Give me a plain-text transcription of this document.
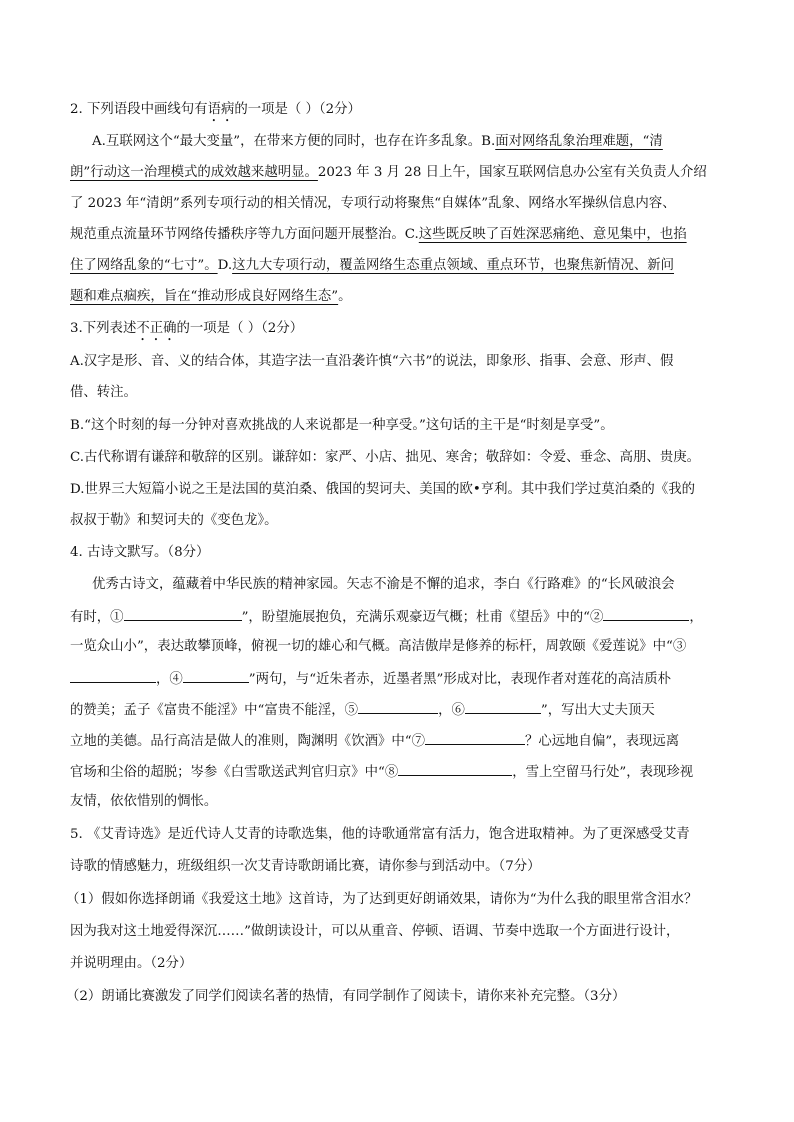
2. 下列语段中画线句有语病的一项是（ ）（2分）
A.互联网这个“最大变量”，在带来方便的同时，也存在许多乱象。B.面对网络乱象治理难题，“清
朗”行动这一治理模式的成效越来越明显。2023 年 3 月 28 日上午，国家互联网信息办公室有关负责人介绍
了 2023 年“清朗”系列专项行动的相关情况，专项行动将聚焦“自媒体”乱象、网络水军操纵信息内容、
规范重点流量环节网络传播秩序等九方面问题开展整治。C.这些既反映了百姓深恶痛绝、意见集中，也掐
住了网络乱象的“七寸”。D.这九大专项行动，覆盖网络生态重点领域、重点环节，也聚焦新情况、新问
题和难点痼疾，旨在“推动形成良好网络生态”。
3.下列表述不正确的一项是（ ）（2分）
A.汉字是形、音、义的结合体，其造字法一直沿袭许慎“六书”的说法，即象形、指事、会意、形声、假
借、转注。
B.“这个时刻的每一分钟对喜欢挑战的人来说都是一种享受。”这句话的主干是“时刻是享受”。
C.古代称谓有谦辞和敬辞的区别。谦辞如：家严、小店、拙见、寒舍；敬辞如：令爱、垂念、高朋、贵庚。
D.世界三大短篇小说之王是法国的莫泊桑、俄国的契诃夫、美国的欧•亨利。其中我们学过莫泊桑的《我的
叔叔于勒》和契诃夫的《变色龙》。
4. 古诗文默写。（8分）
优秀古诗文，蕴藏着中华民族的精神家园。矢志不渝是不懈的追求，李白《行路难》的“长风破浪会
有时，①	”，盼望施展抱负，充满乐观豪迈气概；杜甫《望岳》中的“②	，
一览众山小”，表达敢攀顶峰，俯视一切的雄心和气概。高洁傲岸是修养的标杆，周敦颐《爱莲说》中“③
，④	”两句，与“近朱者赤，近墨者黑”形成对比，表现作者对莲花的高洁质朴
的赞美；孟子《富贵不能淫》中“富贵不能淫，⑤	，⑥	”，写出大丈夫顶天
立地的美德。品行高洁是做人的准则，陶渊明《饮酒》中“⑦	？心远地自偏”，表现远离
官场和尘俗的超脱；岑参《白雪歌送武判官归京》中“⑧	，雪上空留马行处”，表现珍视
友情，依依惜别的惆怅。
5. 《艾青诗选》是近代诗人艾青的诗歌选集，他的诗歌通常富有活力，饱含进取精神。为了更深感受艾青
诗歌的情感魅力，班级组织一次艾青诗歌朗诵比赛，请你参与到活动中。（7分）
（1）假如你选择朗诵《我爱这土地》这首诗，为了达到更好朗诵效果，请你为“为什么我的眼里常含泪水？
因为我对这土地爱得深沉……”做朗读设计，可以从重音、停顿、语调、节奏中选取一个方面进行设计，
并说明理由。（2分）
（2）朗诵比赛激发了同学们阅读名著的热情，有同学制作了阅读卡，请你来补充完整。（3分）
